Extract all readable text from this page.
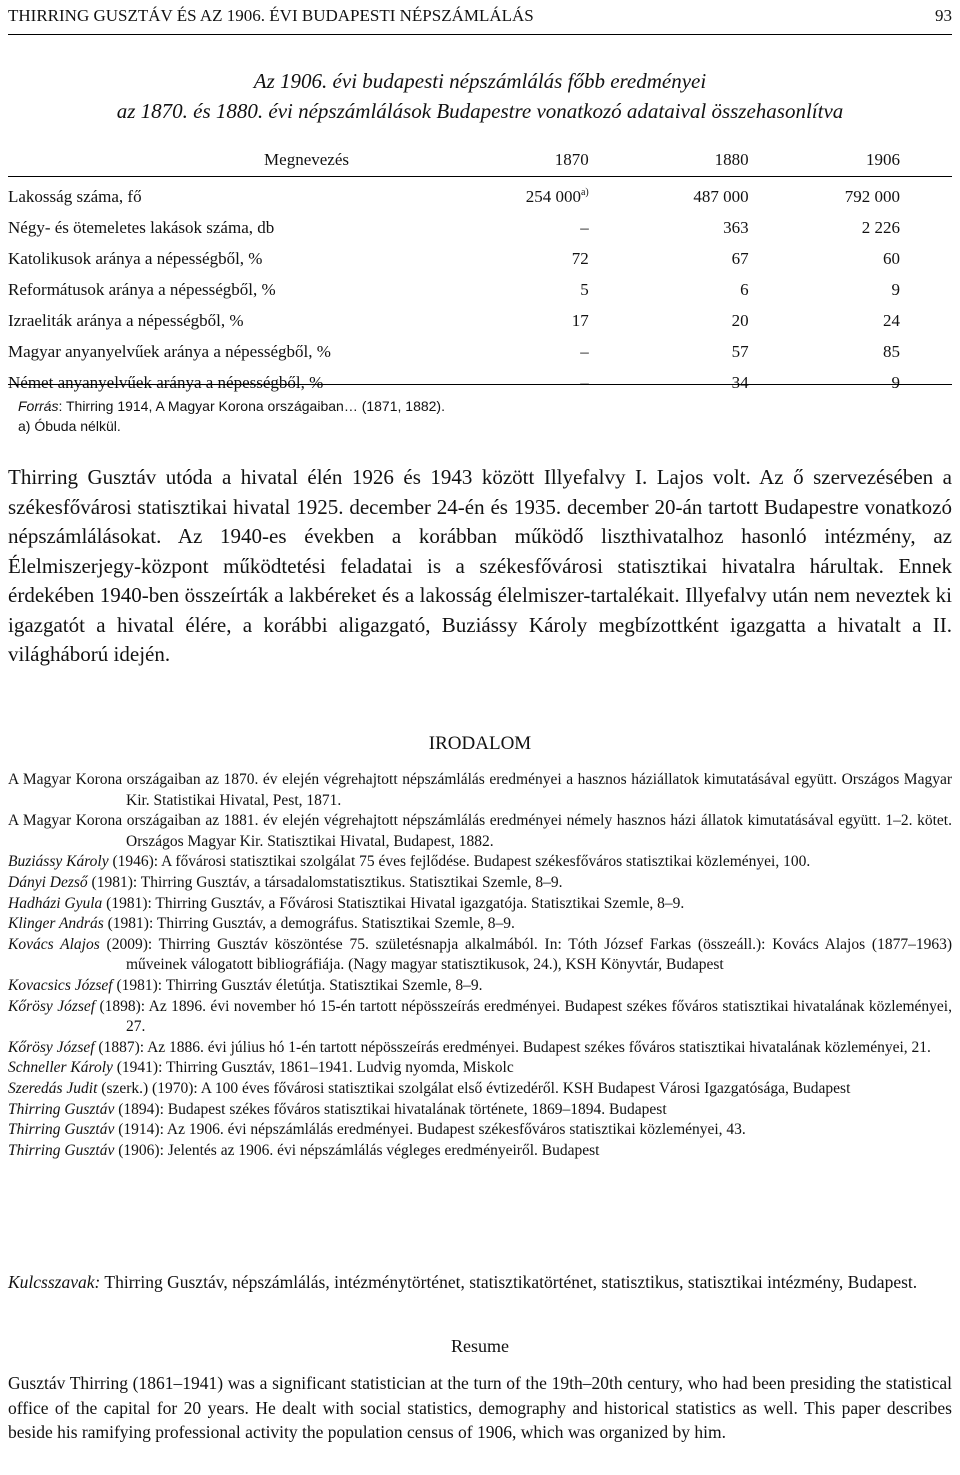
THIRRING GUSZTÁV ÉS AZ 1906. ÉVI BUDAPESTI NÉPSZÁMLÁLÁS	93
Az 1906. évi budapesti népszámlálás főbb eredményei
az 1870. és 1880. évi népszámlálások Budapestre vonatkozó adataival összehasonlítva
Megnevezés	1870	1880	1906
Lakosság száma, fő	254 000$^{a)}$	487 000	792 000
Négy- és ötemeletes lakások száma, db	–	363	2 226
Katolikusok aránya a népességből, %	72	67	60
Reformátusok aránya a népességből, %	5	6	9
Izraeliták aránya a népességből, %	17	20	24
Magyar anyanyelvűek aránya a népességből, %	–	57	85
Német anyanyelvűek aránya a népességből, %	–	34	9
Forrás: Thirring 1914, A Magyar Korona országaiban… (1871, 1882).
a) Óbuda nélkül.

Thirring Gusztáv utóda a hivatal élén 1926 és 1943 között Illyefalvy I. Lajos volt. Az ő szervezésében a székesfővárosi statisztikai hivatal 1925. december 24-én és 1935. december 20-án tartott Budapestre vonatkozó népszámlálásokat. Az 1940-es években a korábban működő liszthivatalhoz hasonló intézmény, az Élelmiszerjegy-központ működtetési feladatai is a székesfővárosi statisztikai hivatalra hárultak. Ennek érdekében 1940-ben összeírták a lakbéreket és a lakosság élelmiszer-tartalékait. Illyefalvy után nem neveztek ki igazgatót a hivatal élére, a korábbi aligazgató, Buziássy Károly megbízottként igazgatta a hivatalt a II. világháború idején.

IRODALOM
A Magyar Korona országaiban az 1870. év elején végrehajtott népszámlálás eredményei a hasznos háziállatok kimutatásával együtt. Országos Magyar Kir. Statistikai Hivatal, Pest, 1871.
A Magyar Korona országaiban az 1881. év elején végrehajtott népszámlálás eredményei némely hasznos házi állatok kimutatásával együtt. 1–2. kötet. Országos Magyar Kir. Statisztikai Hivatal, Budapest, 1882.
Buziássy Károly (1946): A fővárosi statisztikai szolgálat 75 éves fejlődése. Budapest székesfőváros statisztikai közleményei, 100.
Dányi Dezső (1981): Thirring Gusztáv, a társadalomstatisztikus. Statisztikai Szemle, 8–9.
Hadházi Gyula (1981): Thirring Gusztáv, a Fővárosi Statisztikai Hivatal igazgatója. Statisztikai Szemle, 8–9.
Klinger András (1981): Thirring Gusztáv, a demográfus. Statisztikai Szemle, 8–9.
Kovács Alajos (2009): Thirring Gusztáv köszöntése 75. születésnapja alkalmából. In: Tóth József Farkas (összeáll.): Kovács Alajos (1877–1963) műveinek válogatott bibliográfiája. (Nagy magyar statisztikusok, 24.), KSH Könyvtár, Budapest
Kovacsics József (1981): Thirring Gusztáv életútja. Statisztikai Szemle, 8–9.
Kőrösy József (1898): Az 1896. évi november hó 15-én tartott népösszeírás eredményei. Budapest székes főváros statisztikai hivatalának közleményei, 27.
Kőrösy József (1887): Az 1886. évi július hó 1-én tartott népösszeírás eredményei. Budapest székes főváros statisztikai hivatalának közleményei, 21.
Schneller Károly (1941): Thirring Gusztáv, 1861–1941. Ludvig nyomda, Miskolc
Szeredás Judit (szerk.) (1970): A 100 éves fővárosi statisztikai szolgálat első évtizedéről. KSH Budapest Városi Igazgatósága, Budapest
Thirring Gusztáv (1894): Budapest székes főváros statisztikai hivatalának története, 1869–1894. Budapest
Thirring Gusztáv (1914): Az 1906. évi népszámlálás eredményei. Budapest székesfőváros statisztikai közleményei, 43.
Thirring Gusztáv (1906): Jelentés az 1906. évi népszámlálás végleges eredményeiről. Budapest

Kulcsszavak: Thirring Gusztáv, népszámlálás, intézménytörténet, statisztikatörténet, statisztikus, statisztikai intézmény, Budapest.

Resume

Gusztáv Thirring (1861–1941) was a significant statistician at the turn of the 19th–20th century, who had been presiding the statistical office of the capital for 20 years. He dealt with social statistics, demography and historical statistics as well. This paper describes beside his ramifying professional activity the population census of 1906, which was organized by him.
